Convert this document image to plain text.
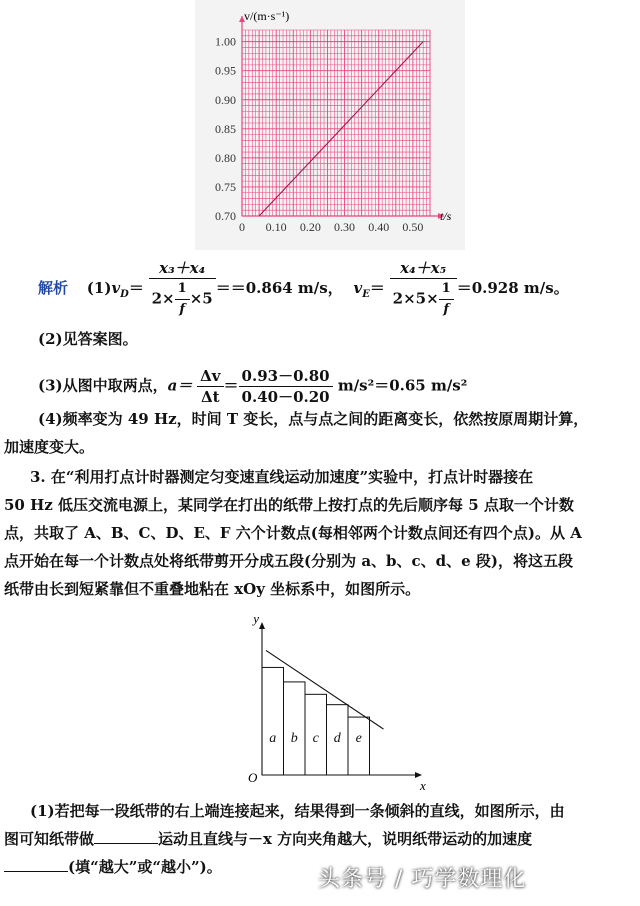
0 0.10 0.20 0.30 0.40 0.50
0.70
0.75
0.80
0.85
0.90
0.95
1.00
t/s
v/(m·s⁻¹)
解析 $(1)v_D= \frac{\text{x₃＋x₄}}{2\times \frac{1}{f} \times 5} ==0.864$ m/s， $v_E= \frac{\text{x₄＋x₅}}{2\times 5\times \frac{1}{f}} =0.928$ m/s。
(2)见答案图。
(3)从图中取两点，$a= \frac{\Delta v}{\Delta t} = \frac{0.93-0.80}{0.40-0.20} m/s^2=0.65$ m/s²
(4)频率变为 49 Hz，时间 T 变长，点与点之间的距离变长，依然按原周期计算，
加速度变大。
3. 在“利用打点计时器测定匀变速直线运动加速度”实验中，打点计时器接在
50 Hz 低压交流电源上，某同学在打出的纸带上按打点的先后顺序每 5 点取一个计数
点，共取了 A、B、C、D、E、F 六个计数点(每相邻两个计数点间还有四个点)。从 A
点开始在每一个计数点处将纸带剪开分成五段(分别为 a、b、c、d、e 段)，将这五段
纸带由长到短紧靠但不重叠地粘在 xOy 坐标系中，如图所示。
a b c d e
y
x
O
(1)若把每一段纸带的右上端连接起来，结果得到一条倾斜的直线，如图所示，由
图可知纸带做	运动且直线与－x 方向夹角越大，说明纸带运动的加速度
(填“越大”或“越小”)。	头条号 / 巧学数理化
